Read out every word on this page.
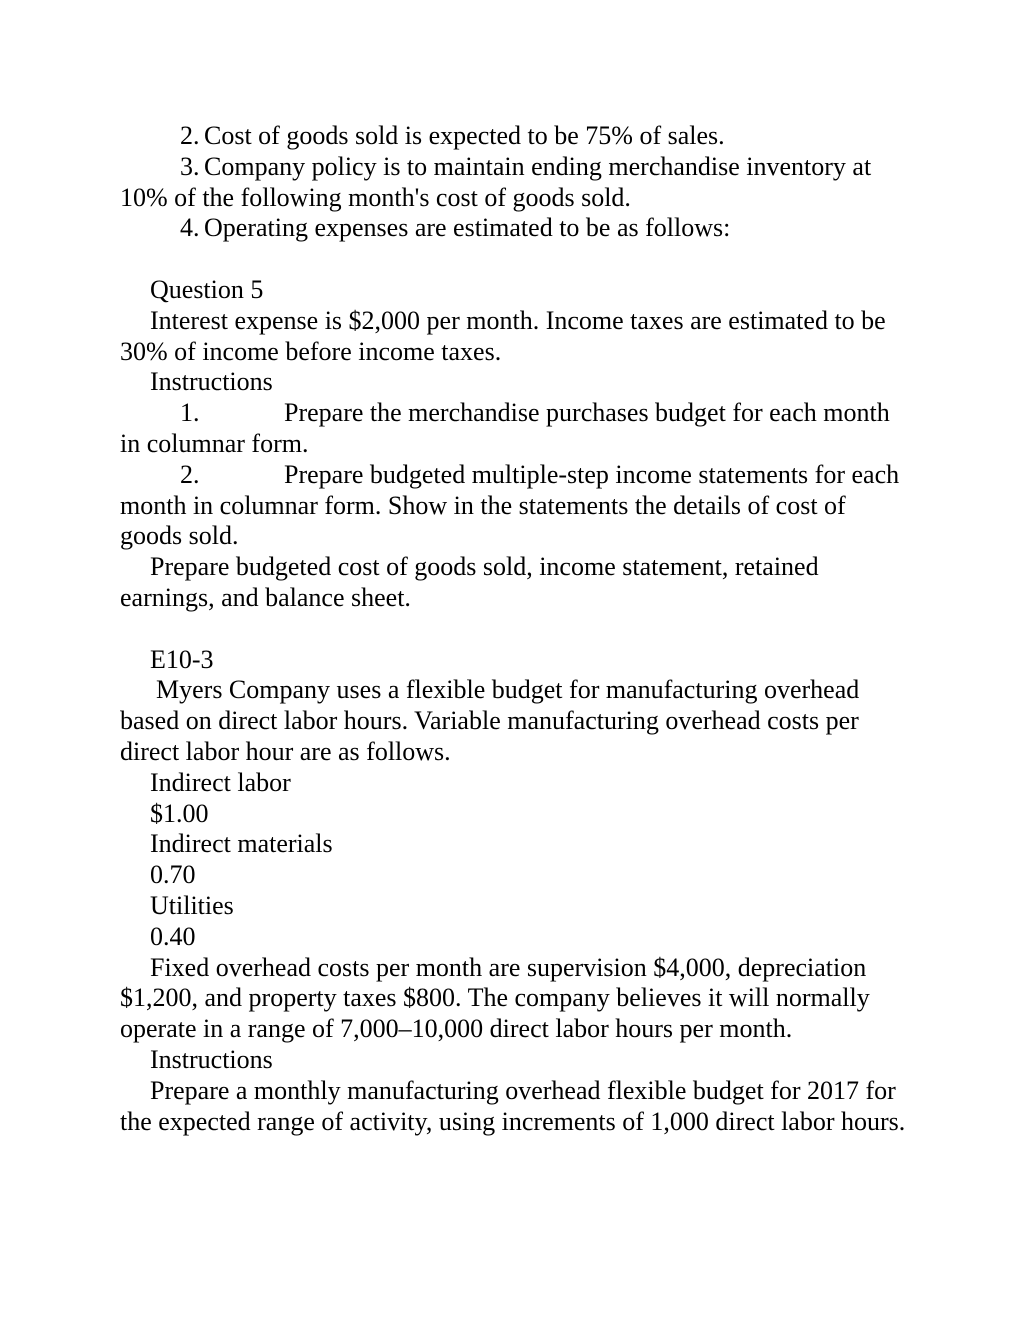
2. Cost of goods sold is expected to be 75% of sales.

3. Company policy is to maintain ending merchandise inventory at 10% of the following month's cost of goods sold.

4. Operating expenses are estimated to be as follows:

Question 5

Interest expense is $2,000 per month. Income taxes are estimated to be 30% of income before income taxes.

Instructions

1.	Prepare the merchandise purchases budget for each month in columnar form.

2.	Prepare budgeted multiple-step income statements for each month in columnar form. Show in the statements the details of cost of goods sold.

Prepare budgeted cost of goods sold, income statement, retained earnings, and balance sheet.

E10-3

Myers Company uses a flexible budget for manufacturing overhead based on direct labor hours. Variable manufacturing overhead costs per direct labor hour are as follows.

Indirect labor

$1.00

Indirect materials

0.70

Utilities

0.40

Fixed overhead costs per month are supervision $4,000, depreciation $1,200, and property taxes $800. The company believes it will normally operate in a range of 7,000–10,000 direct labor hours per month.

Instructions

Prepare a monthly manufacturing overhead flexible budget for 2017 for the expected range of activity, using increments of 1,000 direct labor hours.
